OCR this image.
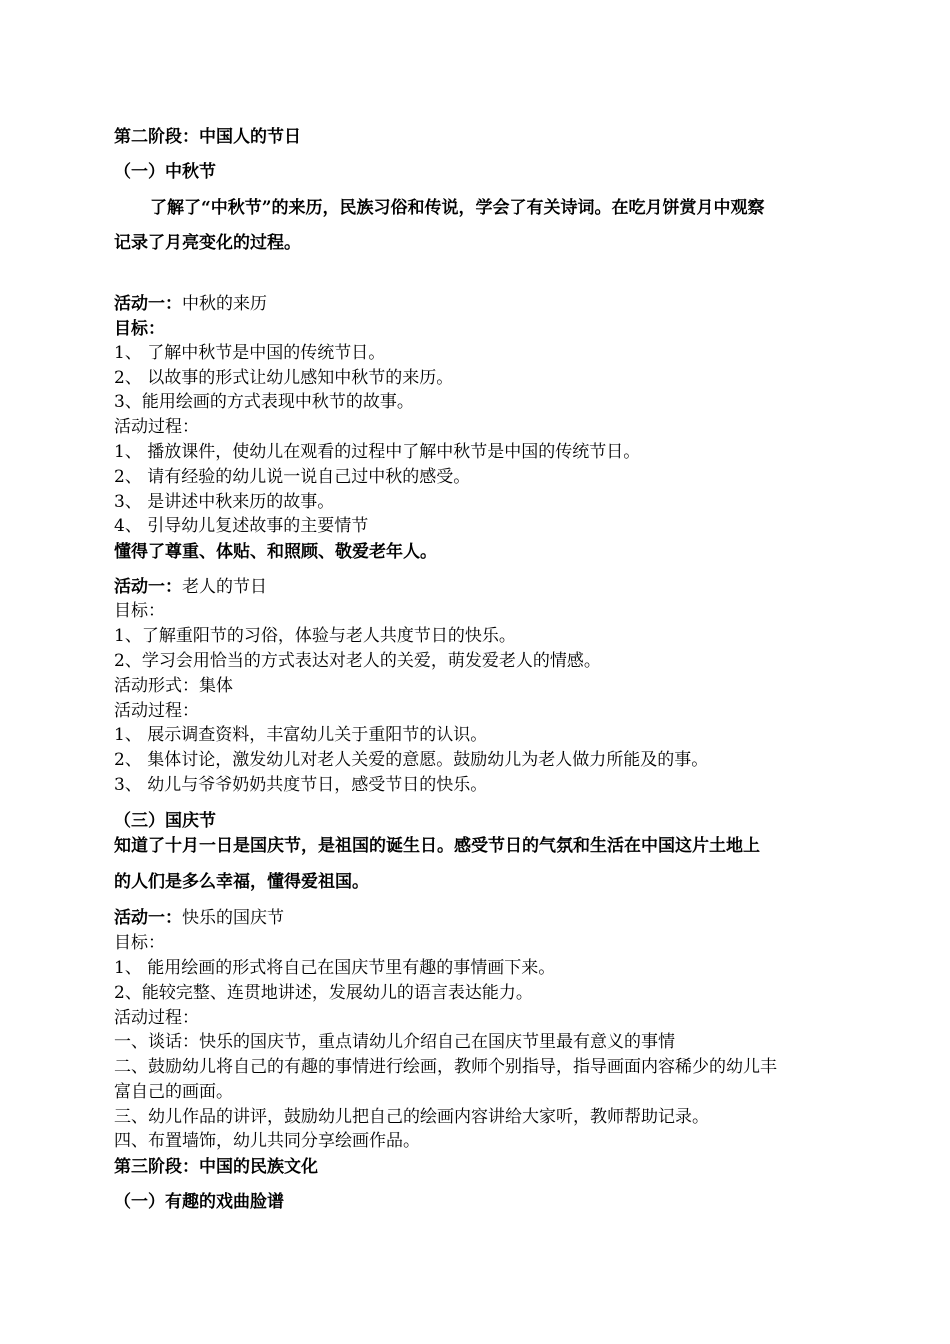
第二阶段：中国人的节日
（一）中秋节
了解了“中秋节”的来历，民族习俗和传说，学会了有关诗词。在吃月饼赏月中观察
记录了月亮变化的过程。
活动一：中秋的来历
目标：
1、 了解中秋节是中国的传统节日。
2、 以故事的形式让幼儿感知中秋节的来历。
3、能用绘画的方式表现中秋节的故事。
活动过程：
1、 播放课件，使幼儿在观看的过程中了解中秋节是中国的传统节日。
2、 请有经验的幼儿说一说自己过中秋的感受。
3、 是讲述中秋来历的故事。
4、 引导幼儿复述故事的主要情节
懂得了尊重、体贴、和照顾、敬爱老年人。
活动一：老人的节日
目标：
1、了解重阳节的习俗，体验与老人共度节日的快乐。
2、学习会用恰当的方式表达对老人的关爱，萌发爱老人的情感。
活动形式：集体
活动过程：
1、 展示调查资料，丰富幼儿关于重阳节的认识。
2、 集体讨论，激发幼儿对老人关爱的意愿。鼓励幼儿为老人做力所能及的事。
3、 幼儿与爷爷奶奶共度节日，感受节日的快乐。
（三）国庆节
知道了十月一日是国庆节，是祖国的诞生日。感受节日的气氛和生活在中国这片土地上
的人们是多么幸福，懂得爱祖国。
活动一：快乐的国庆节
目标：
1、 能用绘画的形式将自己在国庆节里有趣的事情画下来。
2、能较完整、连贯地讲述，发展幼儿的语言表达能力。
活动过程：
一、谈话：快乐的国庆节，重点请幼儿介绍自己在国庆节里最有意义的事情
二、鼓励幼儿将自己的有趣的事情进行绘画，教师个别指导，指导画面内容稀少的幼儿丰
富自己的画面。
三、幼儿作品的讲评，鼓励幼儿把自己的绘画内容讲给大家听，教师帮助记录。
四、布置墙饰，幼儿共同分享绘画作品。
第三阶段：中国的民族文化
（一）有趣的戏曲脸谱
